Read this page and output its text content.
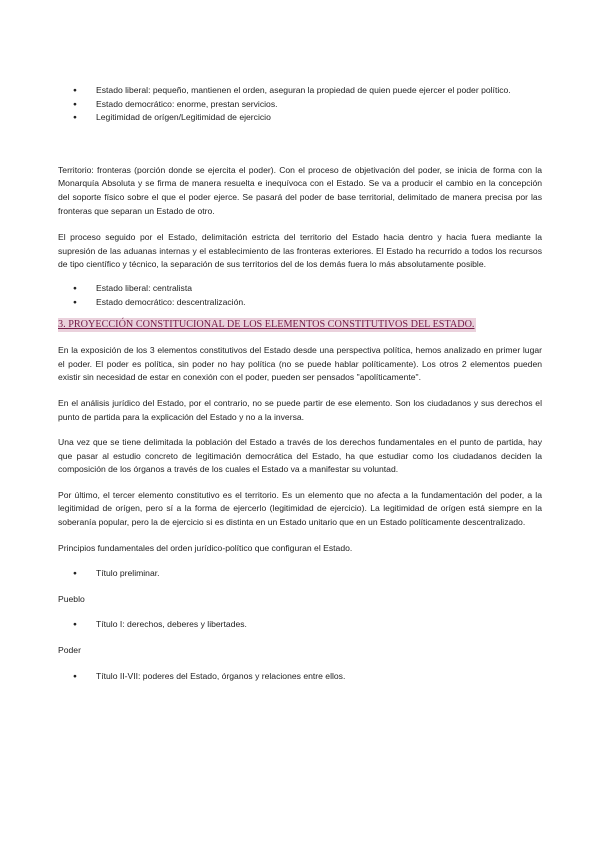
● Estado liberal: pequeño, mantienen el orden, aseguran la propiedad de quien puede ejercer el poder político.
● Estado democrático: enorme, prestan servicios.
● Legitimidad de orígen/Legitimidad de ejercicio

Territorio: fronteras (porción donde se ejercita el poder). Con el proceso de objetivación del poder, se inicia de forma con la Monarquía Absoluta y se firma de manera resuelta e inequívoca con el Estado. Se va a producir el cambio en la concepción del soporte físico sobre el que el poder ejerce. Se pasará del poder de base territorial, delimitado de manera precisa por las fronteras que separan un Estado de otro.

El proceso seguido por el Estado, delimitación estricta del territorio del Estado hacia dentro y hacia fuera mediante la supresión de las aduanas internas y el establecimiento de las fronteras exteriores. El Estado ha recurrido a todos los recursos de tipo científico y técnico, la separación de sus territorios del de los demás fuera lo más absolutamente posible.

● Estado liberal: centralista
● Estado democrático: descentralización.
3. PROYECCIÓN CONSTITUCIONAL DE LOS ELEMENTOS CONSTITUTIVOS DEL ESTADO.

En la exposición de los 3 elementos constitutivos del Estado desde una perspectiva política, hemos analizado en primer lugar el poder. El poder es política, sin poder no hay política (no se puede hablar políticamente). Los otros 2 elementos pueden existir sin necesidad de estar en conexión con el poder, pueden ser pensados "apolíticamente".

En el análisis jurídico del Estado, por el contrario, no se puede partir de ese elemento. Son los ciudadanos y sus derechos el punto de partida para la explicación del Estado y no a la inversa.

Una vez que se tiene delimitada la población del Estado a través de los derechos fundamentales en el punto de partida, hay que pasar al estudio concreto de legitimación democrática del Estado, ha que estudiar como los ciudadanos deciden la composición de los órganos a través de los cuales el Estado va a manifestar su voluntad.

Por último, el tercer elemento constitutivo es el territorio. Es un elemento que no afecta a la fundamentación del poder, a la legitimidad de orígen, pero sí a la forma de ejercerlo (legitimidad de ejercicio). La legitimidad de orígen está siempre en la soberanía popular, pero la de ejercicio si es distinta en un Estado unitario que en un Estado políticamente descentralizado.

Principios fundamentales del orden jurídico-político que configuran el Estado.

● Título preliminar.

Pueblo

● Título I: derechos, deberes y libertades.

Poder

● Título II-VII: poderes del Estado, órganos y relaciones entre ellos.
